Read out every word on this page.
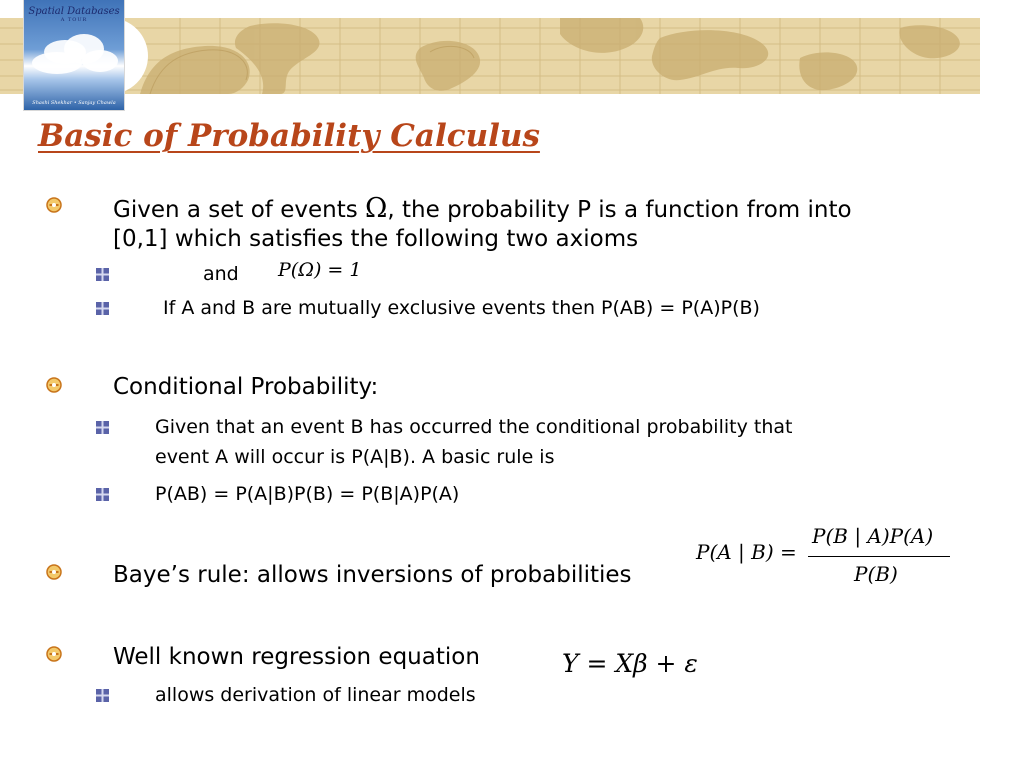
Spatial Databases
A TOUR
Shashi Shekhar • Sanjay Chawla
Basic of Probability Calculus
Given a set of events Ω, the probability P is a function from into
[0,1] which satisfies the following two axioms
and P(Ω) = 1
If A and B are mutually exclusive events then P(AB) = P(A)P(B)
Conditional Probability:
Given that an event B has occurred the conditional probability that
event A will occur is P(A|B). A basic rule is
P(AB) = P(A|B)P(B) = P(B|A)P(A)
P(A | B) =
P(B | A)P(A)
P(B)
Baye’s rule: allows inversions of probabilities
Well known regression equation	Y = Xβ + ε
allows derivation of linear models
